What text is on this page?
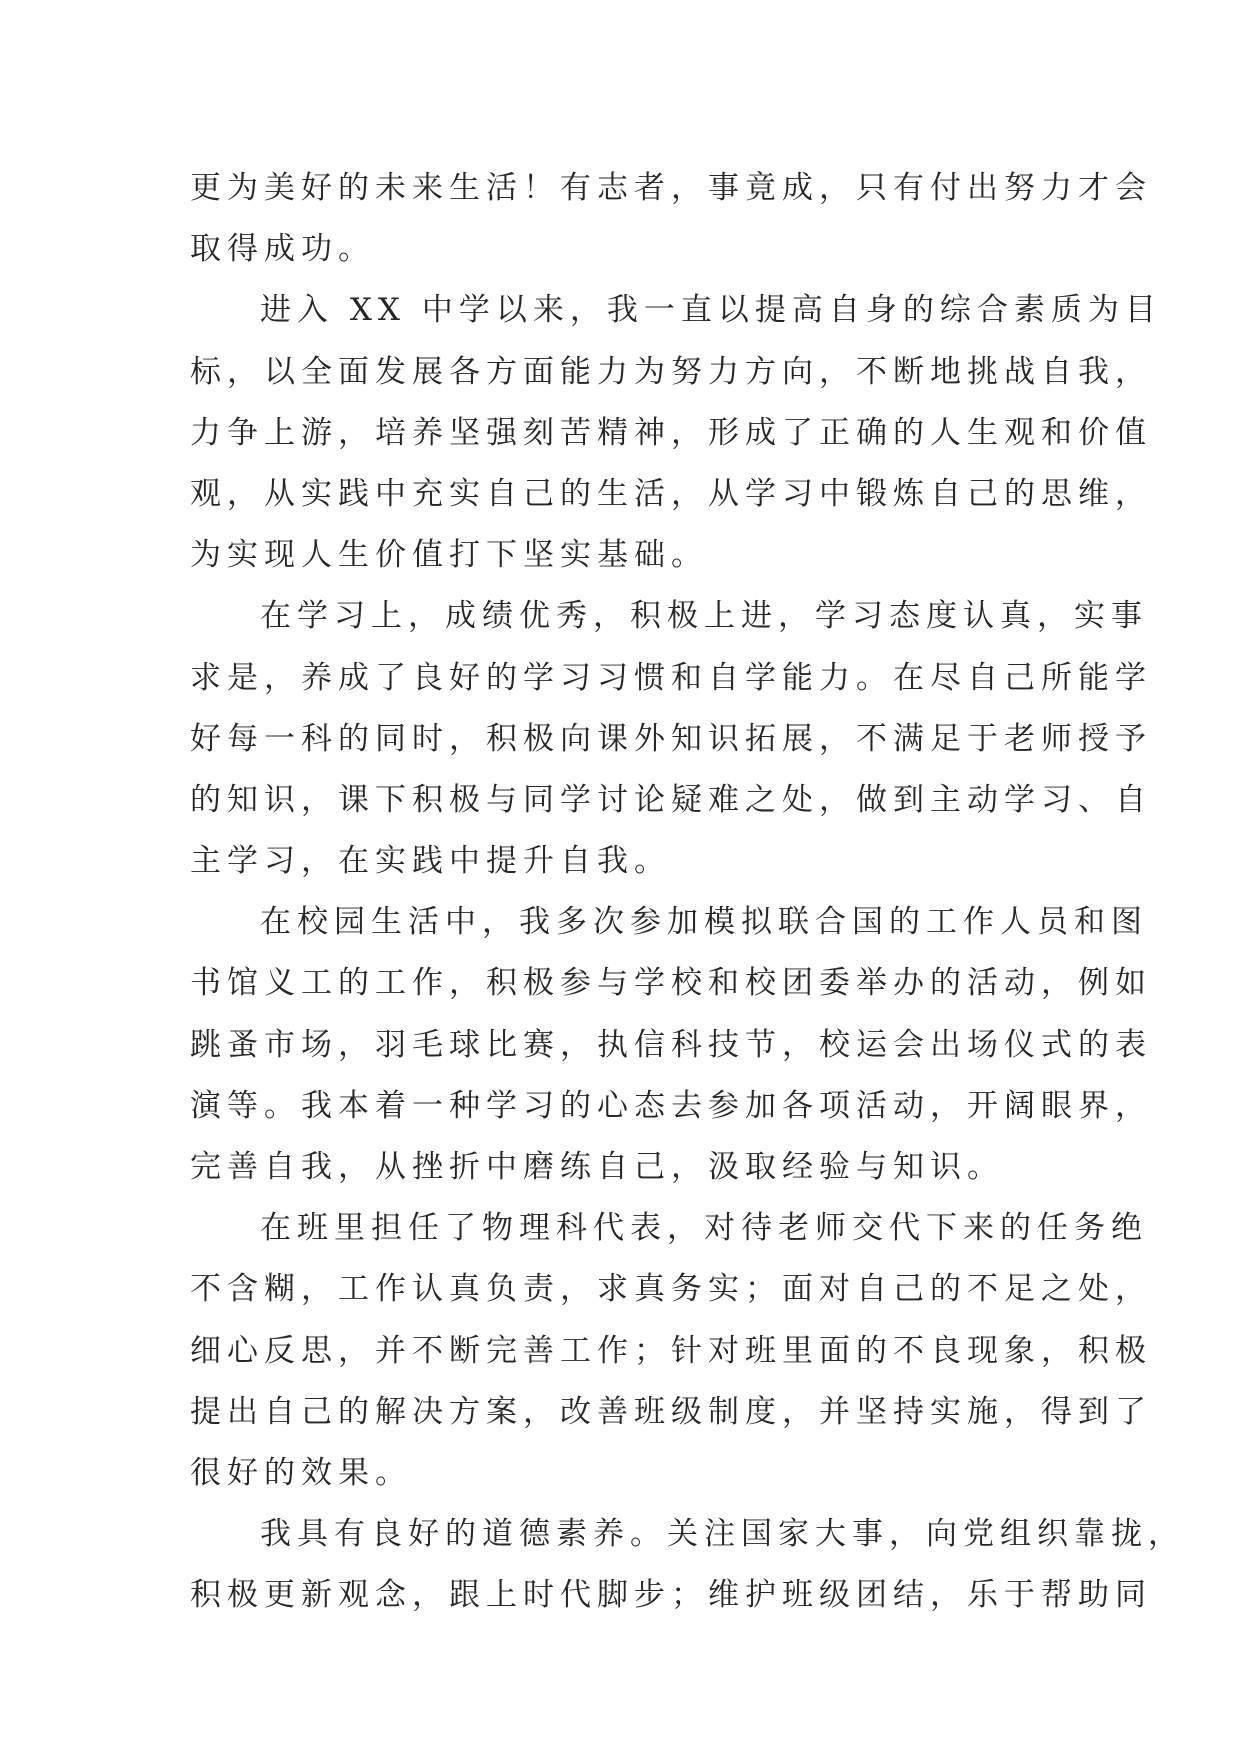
更为美好的未来生活！有志者，事竟成，只有付出努力才会
取得成功。
进入 XX 中学以来，我一直以提高自身的综合素质为目
标，以全面发展各方面能力为努力方向，不断地挑战自我，
力争上游，培养坚强刻苦精神，形成了正确的人生观和价值
观，从实践中充实自己的生活，从学习中锻炼自己的思维，
为实现人生价值打下坚实基础。
在学习上，成绩优秀，积极上进，学习态度认真，实事
求是，养成了良好的学习习惯和自学能力。在尽自己所能学
好每一科的同时，积极向课外知识拓展，不满足于老师授予
的知识，课下积极与同学讨论疑难之处，做到主动学习、自
主学习，在实践中提升自我。
在校园生活中，我多次参加模拟联合国的工作人员和图
书馆义工的工作，积极参与学校和校团委举办的活动，例如
跳蚤市场，羽毛球比赛，执信科技节，校运会出场仪式的表
演等。我本着一种学习的心态去参加各项活动，开阔眼界，
完善自我，从挫折中磨练自己，汲取经验与知识。
在班里担任了物理科代表，对待老师交代下来的任务绝
不含糊，工作认真负责，求真务实；面对自己的不足之处，
细心反思，并不断完善工作；针对班里面的不良现象，积极
提出自己的解决方案，改善班级制度，并坚持实施，得到了
很好的效果。
我具有良好的道德素养。关注国家大事，向党组织靠拢，
积极更新观念，跟上时代脚步；维护班级团结，乐于帮助同
